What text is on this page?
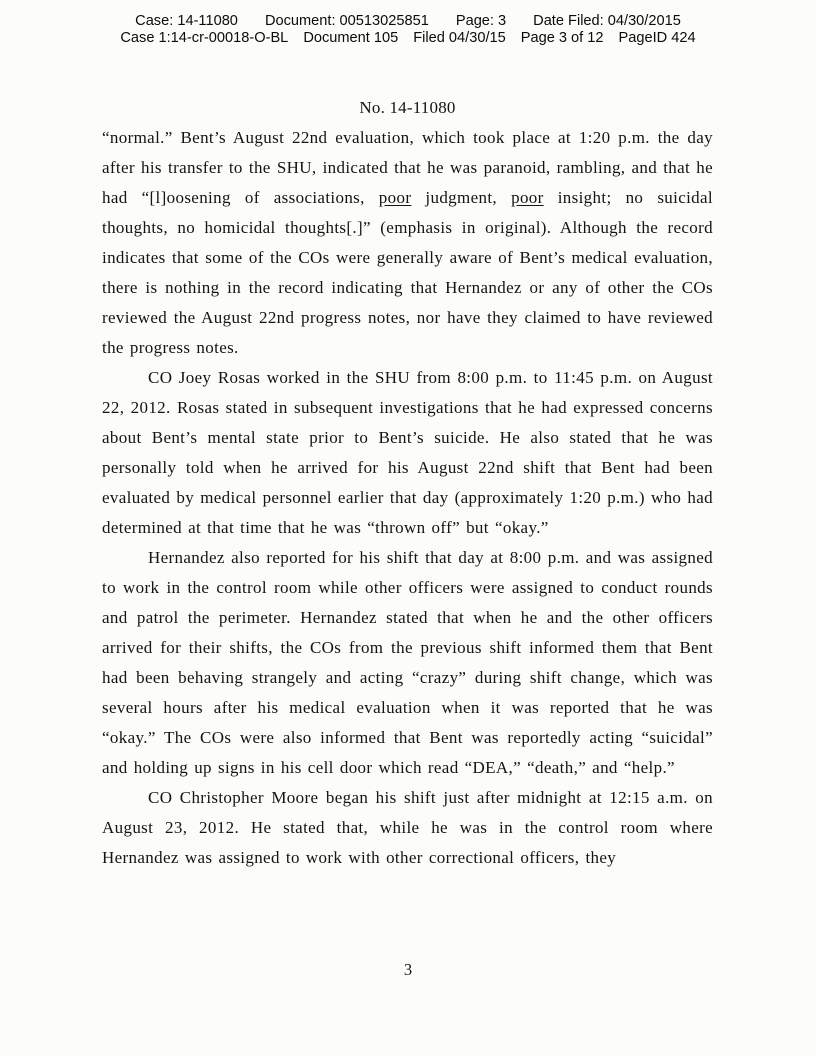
Case: 14-11080 Document: 00513025851 Page: 3 Date Filed: 04/30/2015
Case 1:14-cr-00018-O-BL Document 105 Filed 04/30/15 Page 3 of 12 PageID 424
No. 14-11080

“normal.” Bent’s August 22nd evaluation, which took place at 1:20 p.m. the day after his transfer to the SHU, indicated that he was paranoid, rambling, and that he had “[l]oosening of associations, poor judgment, poor insight; no suicidal thoughts, no homicidal thoughts[.]” (emphasis in original). Although the record indicates that some of the COs were generally aware of Bent’s medical evaluation, there is nothing in the record indicating that Hernandez or any of other the COs reviewed the August 22nd progress notes, nor have they claimed to have reviewed the progress notes.

CO Joey Rosas worked in the SHU from 8:00 p.m. to 11:45 p.m. on August 22, 2012. Rosas stated in subsequent investigations that he had expressed concerns about Bent’s mental state prior to Bent’s suicide. He also stated that he was personally told when he arrived for his August 22nd shift that Bent had been evaluated by medical personnel earlier that day (approximately 1:20 p.m.) who had determined at that time that he was “thrown off” but “okay.”

Hernandez also reported for his shift that day at 8:00 p.m. and was assigned to work in the control room while other officers were assigned to conduct rounds and patrol the perimeter. Hernandez stated that when he and the other officers arrived for their shifts, the COs from the previous shift informed them that Bent had been behaving strangely and acting “crazy” during shift change, which was several hours after his medical evaluation when it was reported that he was “okay.” The COs were also informed that Bent was reportedly acting “suicidal” and holding up signs in his cell door which read “DEA,” “death,” and “help.”

CO Christopher Moore began his shift just after midnight at 12:15 a.m. on August 23, 2012. He stated that, while he was in the control room where Hernandez was assigned to work with other correctional officers, they

3
